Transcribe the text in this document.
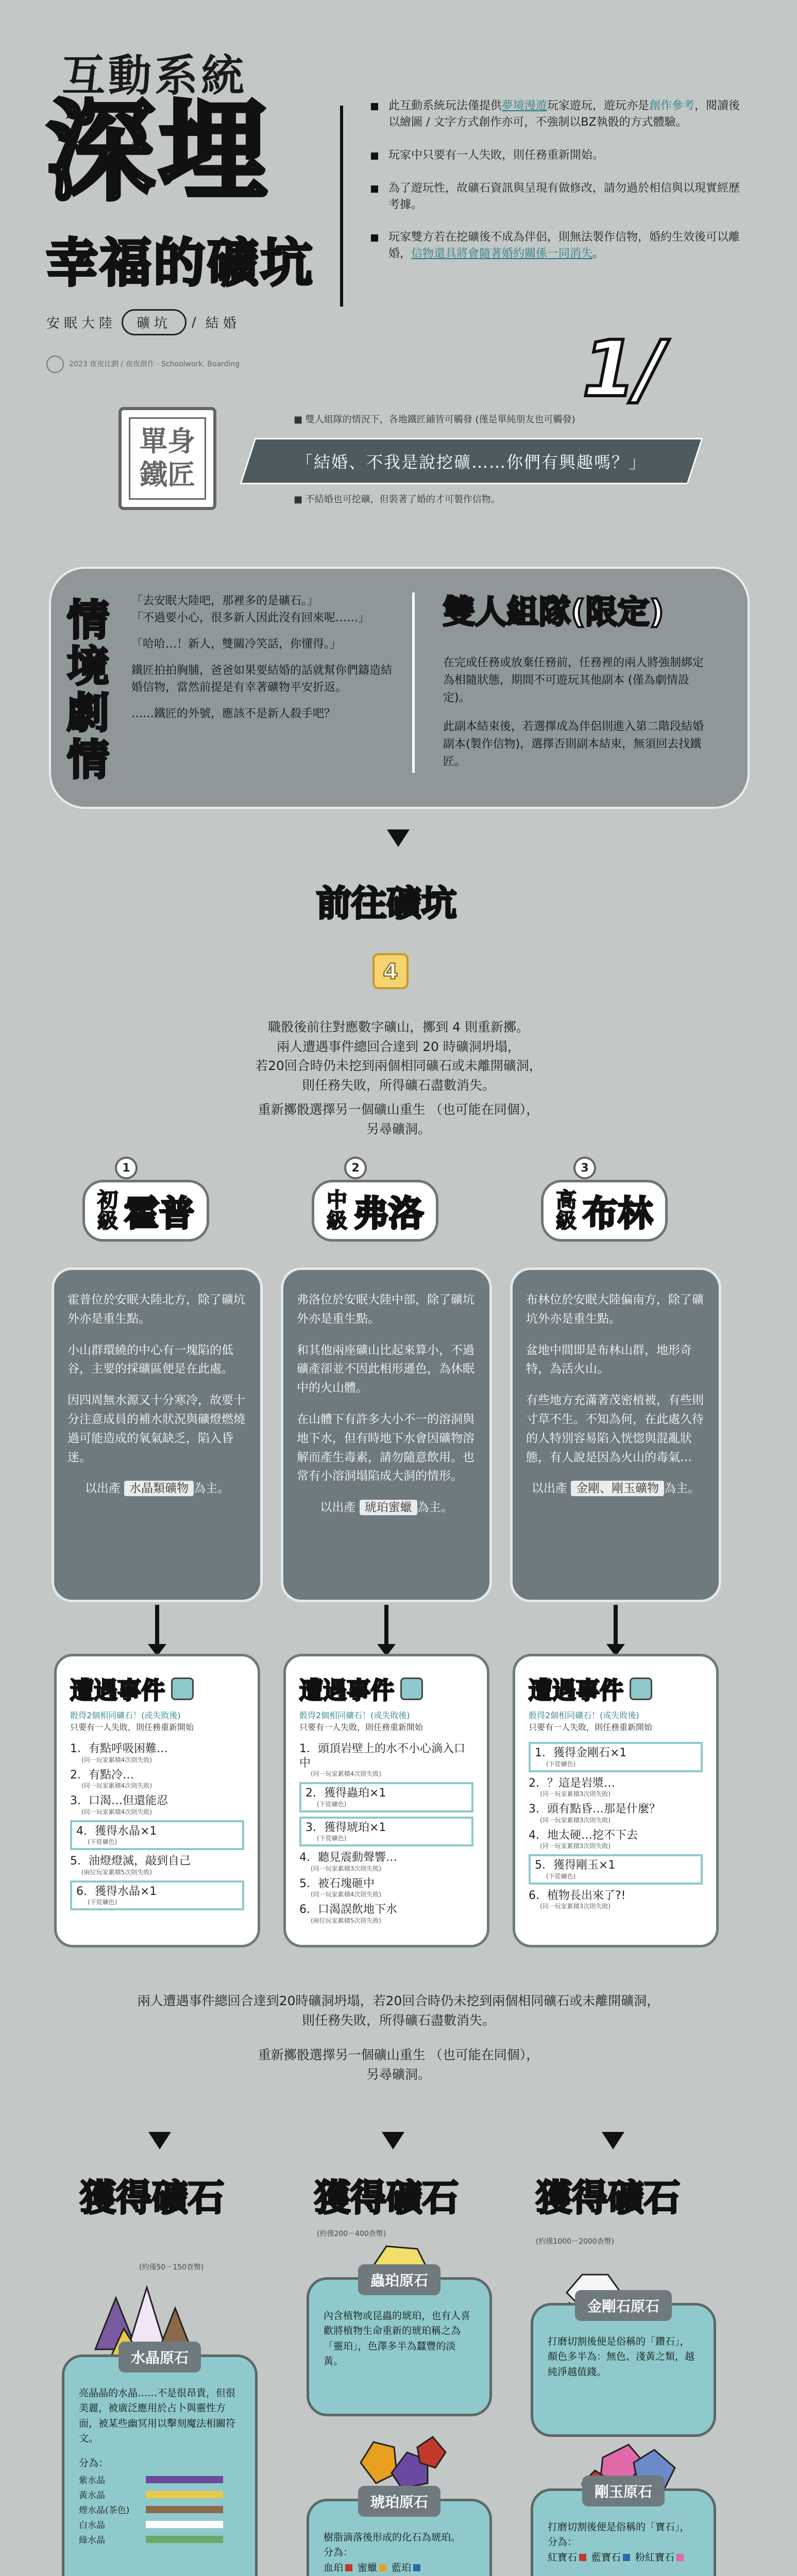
互動系統
深埋
幸福的礦坑
安眠大陸	礦坑	/ 結婚
2023 夜夜比劃 / 夜夜創作 · Schoolwork, Boarding
此互動系統玩法僅提供夢境漫遊玩家遊玩，遊玩亦是創作參考，閱讀後以繪圖 / 文字方式創作亦可，不強制以BZ執骰的方式體驗。
玩家中只要有一人失敗，則任務重新開始。
為了遊玩性，故礦石資訊與呈現有做修改，請勿過於相信與以現實經歷考據。
玩家雙方若在挖礦後不成為伴侶，則無法製作信物，婚約生效後可以離婚，信物還具將會隨著婚約關係一同消失。
1/
單身
鐵匠
■ 雙人組隊的情況下，各地鐵匠鋪皆可觸發 (僅是單純朋友也可觸發)
「結婚、不我是說挖礦……你們有興趣嗎？」
■ 不結婚也可挖礦，但裝著了婚的才可製作信物。
情境劇情

「去安眠大陸吧，那裡多的是礦石。」
「不過要小心，很多新人因此沒有回來呢……」

「哈哈…！新人，雙關冷笑話，你懂得。」

鐵匠拍拍胸脯，爸爸如果要結婚的話就幫你們鑄造結婚信物，當然前提是有幸著礦物平安折返。

……鐵匠的外號，應該不是新人殺手吧？

雙人組隊(限定)

在完成任務或放棄任務前，任務裡的兩人將強制綁定為相隨狀態，期間不可遊玩其他副本 (僅為劇情設定)。

此副本結束後，若選擇成為伴侶則進入第二階段結婚副本(製作信物)，選擇否則副本結束，無須回去找鐵匠。

前往礦坑
4
職骰後前往對應數字礦山，擲到 4 則重新擲。
兩人遭遇事件總回合達到 20 時礦洞坍塌，
若20回合時仍未挖到兩個相同礦石或未離開礦洞，
則任務失敗，所得礦石盡數消失。
重新擲骰選擇另一個礦山重生 （也可能在同個），
另尋礦洞。
1
初級 霍普

霍普位於安眠大陸北方，除了礦坑外亦是重生點。

小山群環繞的中心有一塊陷的低谷，主要的採礦區便是在此處。

因四周無水源又十分寒冷，故要十分注意成員的補水狀況與礦燈燃燒過可能造成的氧氣缺乏，陷入昏迷。

以出產 水晶類礦物 為主。

遭遇事件
骰得2個相同礦石！(或失敗後)
只要有一人失敗，則任務重新開始
1．有點呼吸困難…
(同一玩家累積4次則失敗)
2．有點冷…
(同一玩家累積4次則失敗)
3．口渴…但還能忍
(同一玩家累積4次則失敗)
4．獲得水晶×1
(下從礦色)
5．油燈燈滅，敲到自己
(兩位玩家累積5次則失敗)
6．獲得水晶×1
(下從礦色)
2
中級 弗洛

弗洛位於安眠大陸中部，除了礦坑外亦是重生點。

和其他兩座礦山比起來算小，不過礦產卻並不因此相形遜色，為休眠中的火山體。

在山體下有許多大小不一的溶洞與地下水，但有時地下水會因礦物溶解而產生毒素，請勿隨意飲用。也常有小溶洞塌陷成大洞的情形。

以出產 琥珀蜜蠟 為主。

遭遇事件
骰得2個相同礦石！(或失敗後)
只要有一人失敗，則任務重新開始
1．頭頂岩壁上的水不小心滴入口中
(同一玩家累積4次則失敗)
2．獲得蟲珀×1
(下從礦色)
3．獲得琥珀×1
(下從礦色)
4．聽見震動聲響…
(同一玩家累積3次則失敗)
5．被石塊砸中
(同一玩家累積4次則失敗)
6．口渴誤飲地下水
(兩位玩家累積5次則失敗)
3
高級 布林

布林位於安眠大陸偏南方，除了礦坑外亦是重生點。

盆地中間即是布林山群，地形奇特，為活火山。

有些地方充滿著茂密植被，有些則寸草不生。不知為何，在此處久待的人特別容易陷入恍惚與混亂狀態，有人說是因為火山的毒氣…

以出產 金剛、剛玉礦物 為主。

遭遇事件
骰得2個相同礦石！(或失敗後)
只要有一人失敗，則任務重新開始
1．獲得金剛石×1
(下從礦色)
2．？這是岩漿…
(同一玩家累積3次則失敗)
3．頭有點昏…那是什麼？
(同一玩家累積3次則失敗)
4．地太硬…挖不下去
(同一玩家累積3次則失敗)
5．獲得剛玉×1
(下從礦色)
6．植物長出來了?!
(同一玩家累積3次則失敗)
兩人遭遇事件總回合達到20時礦洞坍塌，若20回合時仍未挖到兩個相同礦石或未離開礦洞，
則任務失敗，所得礦石盡數消失。
重新擲骰選擇另一個礦山重生 （也可能在同個），
另尋礦洞。
獲得礦石	獲得礦石 獲得礦石
(約僅200－400查幣)
(約僅1000－2000查幣)
(約僅50－150查幣)
水晶原石
亮晶晶的水晶……不是很昂貴，但很美麗，被廣泛應用於占卜與靈性方面，被某些幽冥用以擊刻魔法相關符文。
分為：
紫水晶
黃水晶
煙水晶(茶色)
白水晶
綠水晶
蟲珀原石
內含植物或昆蟲的琥珀，也有人喜歡將植物生命重新的琥珀稱之為「靈珀」，色澤多半為蠶豐的淡黃。
琥珀原石
樹脂滴落後形成的化石為琥珀。
分為：
血珀 蜜蠟 藍珀
金剛石原石
打磨切割後便是俗稱的「鑽石」，顏色多半為：無色、淺黃之類，越純淨越值錢。
剛玉原石
打磨切割後便是俗稱的「寶石」，
分為：
紅寶石 藍寶石 粉紅寶石
